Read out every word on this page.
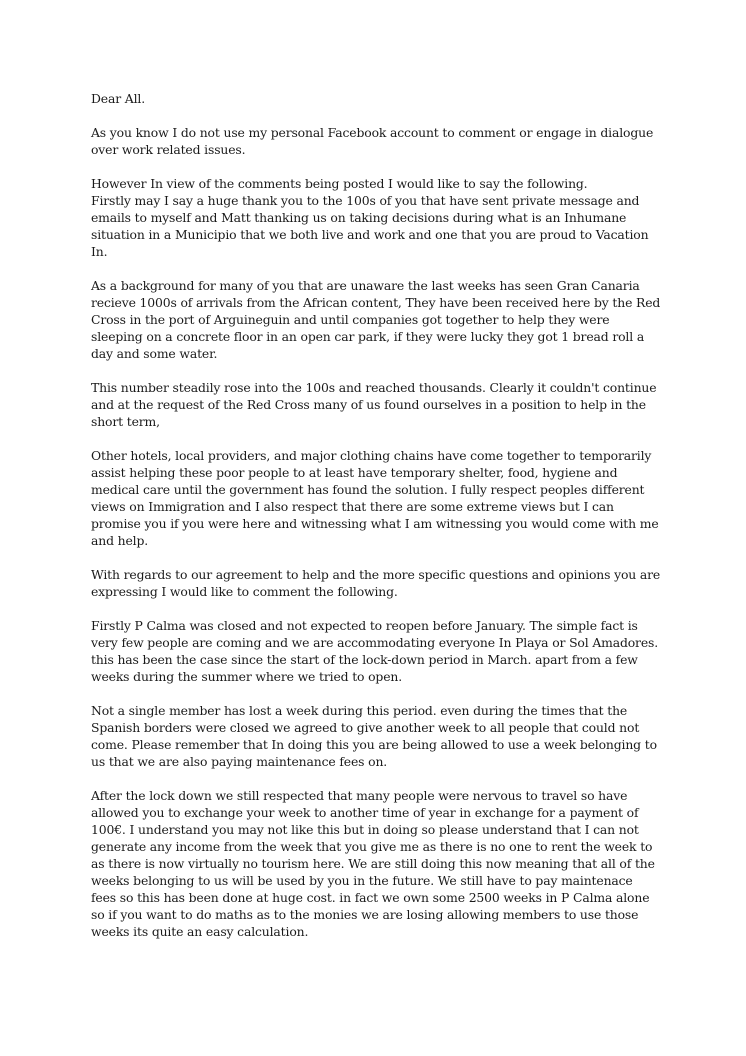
Dear All.

As you know I do not use my personal Facebook account to comment or engage in dialogue over work related issues.

However In view of the comments being posted I would like to say the following.

Firstly may I say a huge thank you to the 100s of you that have sent private message and emails to myself and Matt thanking us on taking decisions during what is an Inhumane situation in a Municipio that we both live and work and one that you are proud to Vacation In.

As a background for many of you that are unaware the last weeks has seen Gran Canaria recieve 1000s of arrivals from the African content, They have been received here by the Red Cross in the port of Arguineguin and until companies got together to help they were sleeping on a concrete floor in an open car park, if they were lucky they got 1 bread roll a day and some water.

This number steadily rose into the 100s and reached thousands. Clearly it couldn't continue and at the request of the Red Cross many of us found ourselves in a position to help in the short term,

Other hotels, local providers, and major clothing chains have come together to temporarily assist helping these poor people to at least have temporary shelter, food, hygiene and medical care until the government has found the solution. I fully respect peoples different views on Immigration and I also respect that there are some extreme views but I can promise you if you were here and witnessing what I am witnessing you would come with me and help.

With regards to our agreement to help and the more specific questions and opinions you are expressing I would like to comment the following.

Firstly P Calma was closed and not expected to reopen before January. The simple fact is very few people are coming and we are accommodating everyone In Playa or Sol Amadores. this has been the case since the start of the lock-down period in March. apart from a few weeks during the summer where we tried to open.

Not a single member has lost a week during this period. even during the times that the Spanish borders were closed we agreed to give another week to all people that could not come. Please remember that In doing this you are being allowed to use a week belonging to us that we are also paying maintenance fees on.

After the lock down we still respected that many people were nervous to travel so have allowed you to exchange your week to another time of year in exchange for a payment of 100€. I understand you may not like this but in doing so please understand that I can not generate any income from the week that you give me as there is no one to rent the week to as there is now virtually no tourism here. We are still doing this now meaning that all of the weeks belonging to us will be used by you in the future. We still have to pay maintenace fees so this has been done at huge cost. in fact we own some 2500 weeks in P Calma alone so if you want to do maths as to the monies we are losing allowing members to use those weeks its quite an easy calculation.
